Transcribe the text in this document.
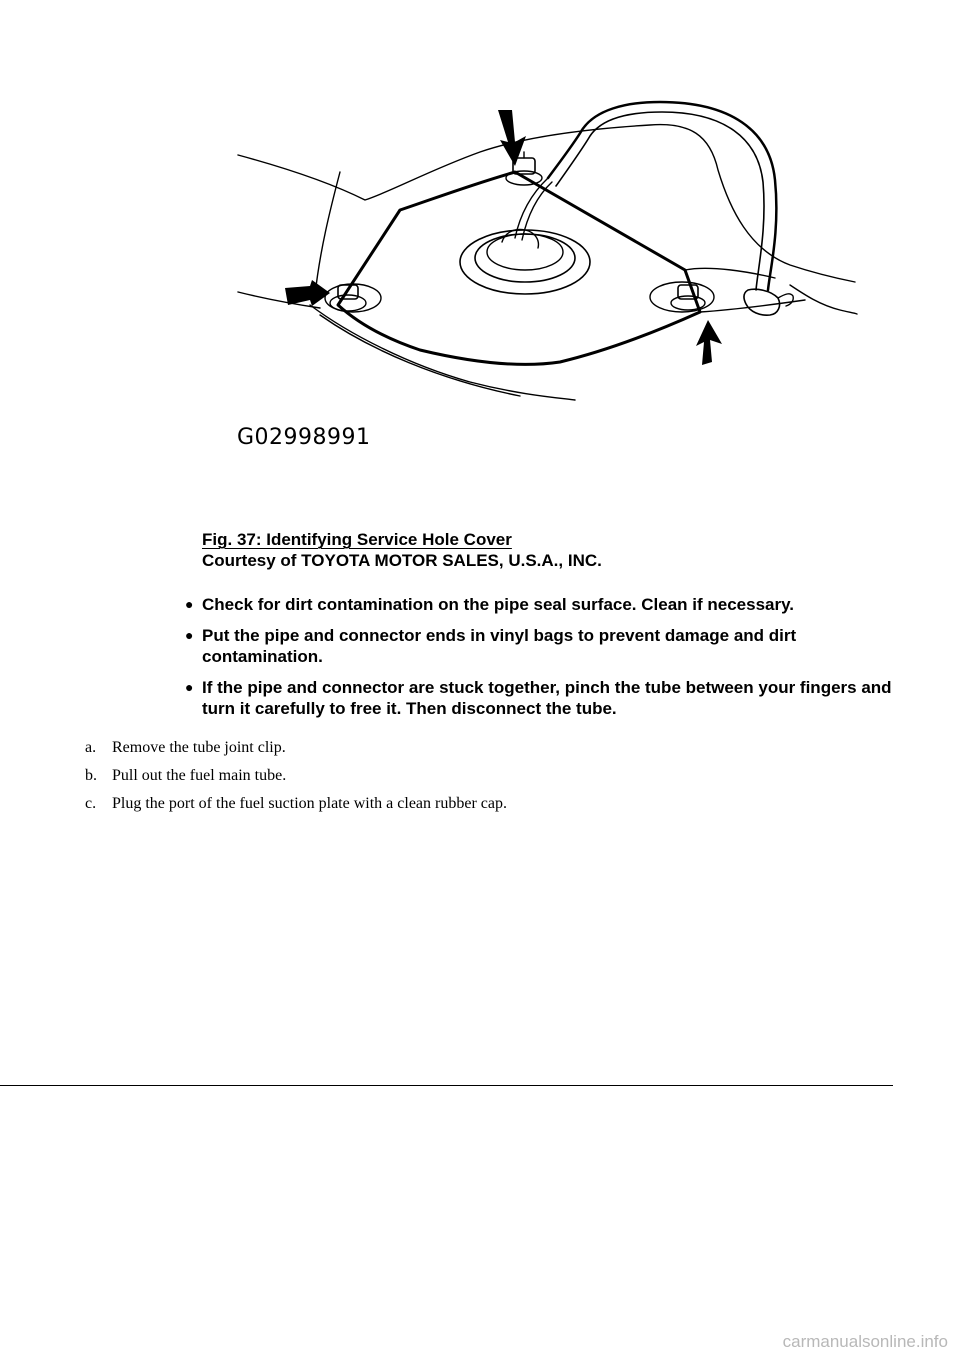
G02998991
Fig. 37: Identifying Service Hole Cover
Courtesy of TOYOTA MOTOR SALES, U.S.A., INC.
● Check for dirt contamination on the pipe seal surface. Clean if necessary.
● Put the pipe and connector ends in vinyl bags to prevent damage and dirt contamination.
● If the pipe and connector are stuck together, pinch the tube between your fingers and turn it carefully to free it. Then disconnect the tube.
a. Remove the tube joint clip.
b. Pull out the fuel main tube.
c. Plug the port of the fuel suction plate with a clean rubber cap.
carmanualsonline.info
